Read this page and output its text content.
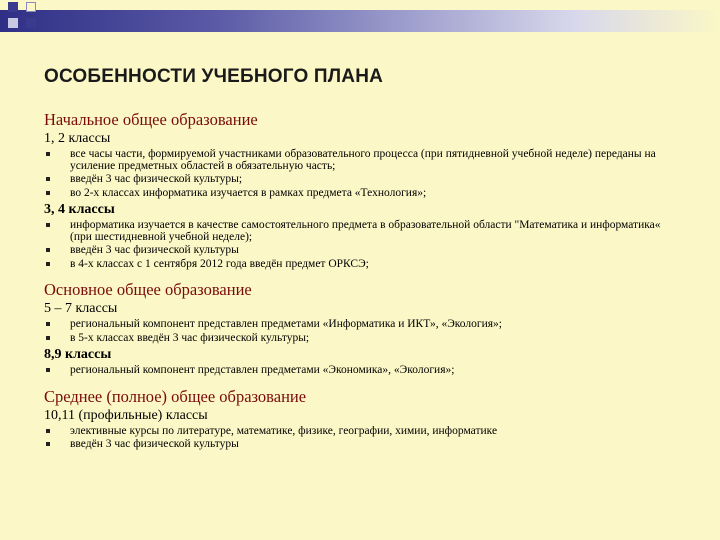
ОСОБЕННОСТИ УЧЕБНОГО ПЛАНА

Начальное общее образование

1, 2 классы

все часы части, формируемой участниками образовательного процесса (при пятидневной учебной неделе) переданы на усиление предметных областей в обязательную часть;
введён 3 час физической культуры;
во 2-х классах информатика изучается в рамках предмета «Технология»;

3, 4 классы

информатика изучается в качестве самостоятельного предмета в образовательной области "Математика и информатика« (при шестидневной учебной неделе);
введён 3 час физической культуры
в 4-х классах с 1 сентября 2012 года введён предмет ОРКСЭ;

Основное общее образование

5 – 7 классы

региональный компонент представлен предметами «Информатика и ИКТ», «Экология»;
в 5-х классах введён 3 час физической культуры;

8,9 классы

региональный компонент представлен предметами «Экономика», «Экология»;

Среднее (полное) общее образование

10,11 (профильные) классы

элективные курсы по литературе, математике, физике, географии, химии, информатике
введён 3 час физической культуры
